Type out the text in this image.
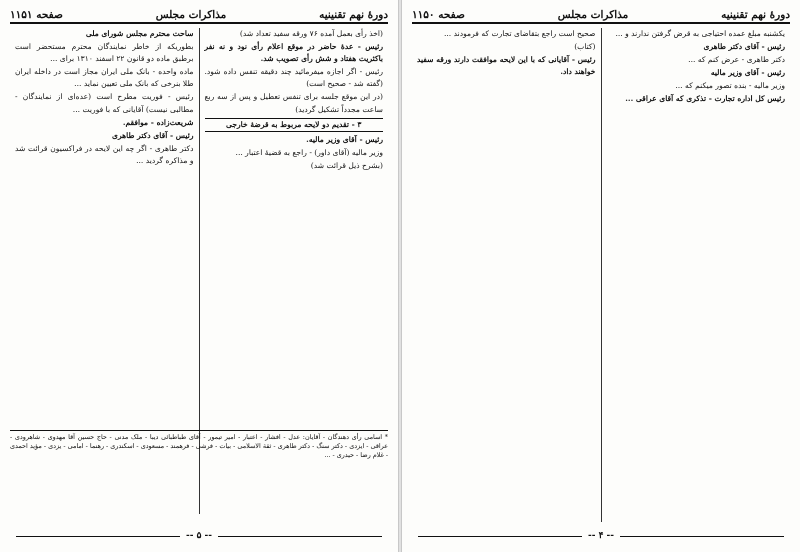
دورهٔ نهم تقنینیه
مذاکرات مجلس
صفحه ۱۱۵۱

(اخذ رأی بعمل آمده ۷۶ ورقه سفید تعداد شد)

رئیس - عدهٔ حاضر در موقع اعلام رأی نود و نه نفر باکثریت هفتاد و شش رأی تصویب شد.

رئیس - اگر اجازه میفرمائید چند دقیقه تنفس داده شود. (گفته شد - صحیح است)

(در این موقع جلسه برای تنفس تعطیل و پس از سه ربع ساعت مجدداً تشکیل گردید)

۳ - تقدیم دو لایحه مربوط به قرضهٔ خارجی

رئیس - آقای وزیر مالیه.

وزیر مالیه (آقای داور) - راجع به قضیهٔ اعتبار ...

(بشرح ذیل قرائت شد)

ساحت محترم مجلس شورای ملی

بطوریکه از خاطر نمایندگان محترم مستحضر است برطبق ماده دو قانون ۲۲ اسفند ۱۳۱۰ برای ...

ماده واحده - بانک ملی ایران مجاز است در داخله ایران طلا بنرخی که بانک ملی تعیین نماید ...

رئیس - فوریت مطرح است (عده‌ای از نمایندگان - مطالبی نیست) آقایانی که با فوریت ...

شریعت‌زاده - موافقم.

رئیس - آقای دکتر طاهری

دکتر طاهری - اگر چه این لایحه در فراکسیون قرائت شد و مذاکره گردید ...

* اسامی رأی دهندگان - آقایان: عدل - افشار - اعتبار - امیر تیمور - آقای طباطبائی دیبا - ملک مدنی - حاج حسین آقا مهدوی - شاهرودی - عراقی - ایزدی - دکتر سنگ - دکتر طاهری - ثقة الاسلامی - بیات - فرشی - فرهمند - مسعودی - اسکندری - رهنما - امامی - یزدی - مؤید احمدی - غلام رضا - حیدری - ...
-- ۵ --
دورهٔ نهم تقنینیه
مذاکرات مجلس
صفحه ۱۱۵۰

یکشنبه مبلغ عمده احتیاجی به قرض گرفتن ندارند و ...

رئیس - آقای دکتر طاهری

دکتر طاهری - عرض کنم که ...

رئیس - آقای وزیر مالیه

وزیر مالیه - بنده تصور میکنم که ...

رئیس کل اداره تجارت - تذکری که آقای عراقی ...

صحیح است راجع بتقاضای تجارت که فرمودند ...

(کتاب)

رئیس - آقایانی که با این لایحه موافقت دارند ورقه سفید خواهند داد.

-- ۴ --
